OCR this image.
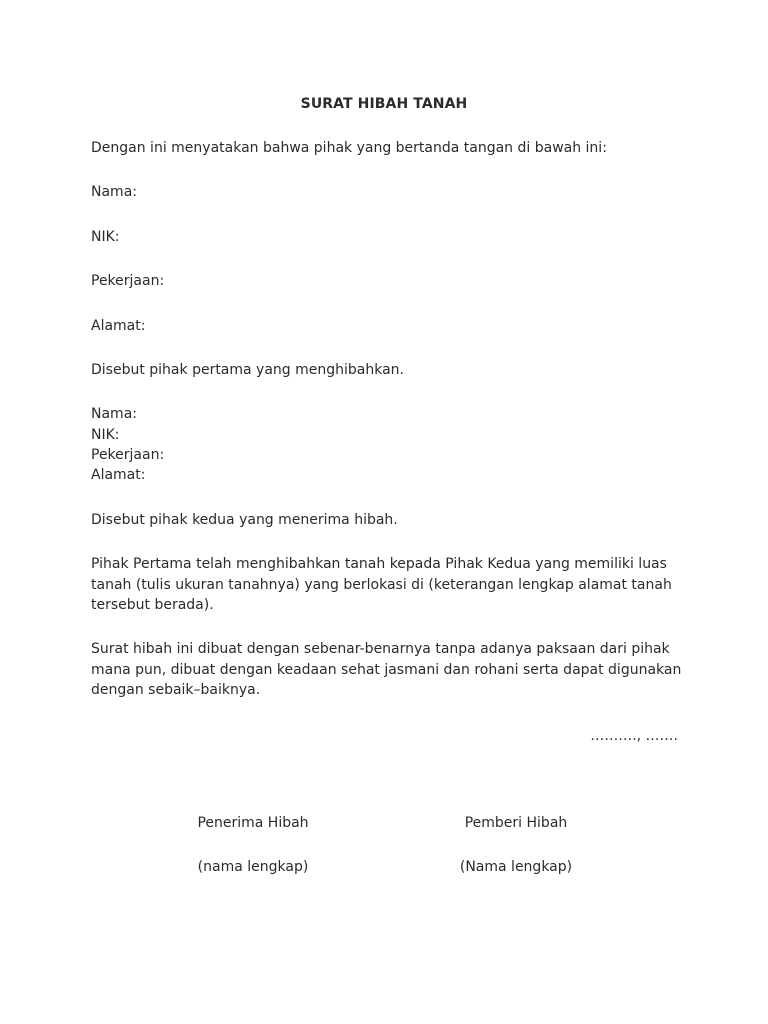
SURAT HIBAH TANAH

Dengan ini menyatakan bahwa pihak yang bertanda tangan di bawah ini:

Nama:

NIK:

Pekerjaan:

Alamat:

Disebut pihak pertama yang menghibahkan.

Nama:

NIK:

Pekerjaan:

Alamat:

Disebut pihak kedua yang menerima hibah.

Pihak Pertama telah menghibahkan tanah kepada Pihak Kedua yang memiliki luas
tanah (tulis ukuran tanahnya) yang berlokasi di (keterangan lengkap alamat tanah
tersebut berada).
Surat hibah ini dibuat dengan sebenar-benarnya tanpa adanya paksaan dari pihak
mana pun, dibuat dengan keadaan sehat jasmani dan rohani serta dapat digunakan
dengan sebaik–baiknya.

………., …….

Penerima Hibah
(nama lengkap)
Pemberi Hibah
(Nama lengkap)
